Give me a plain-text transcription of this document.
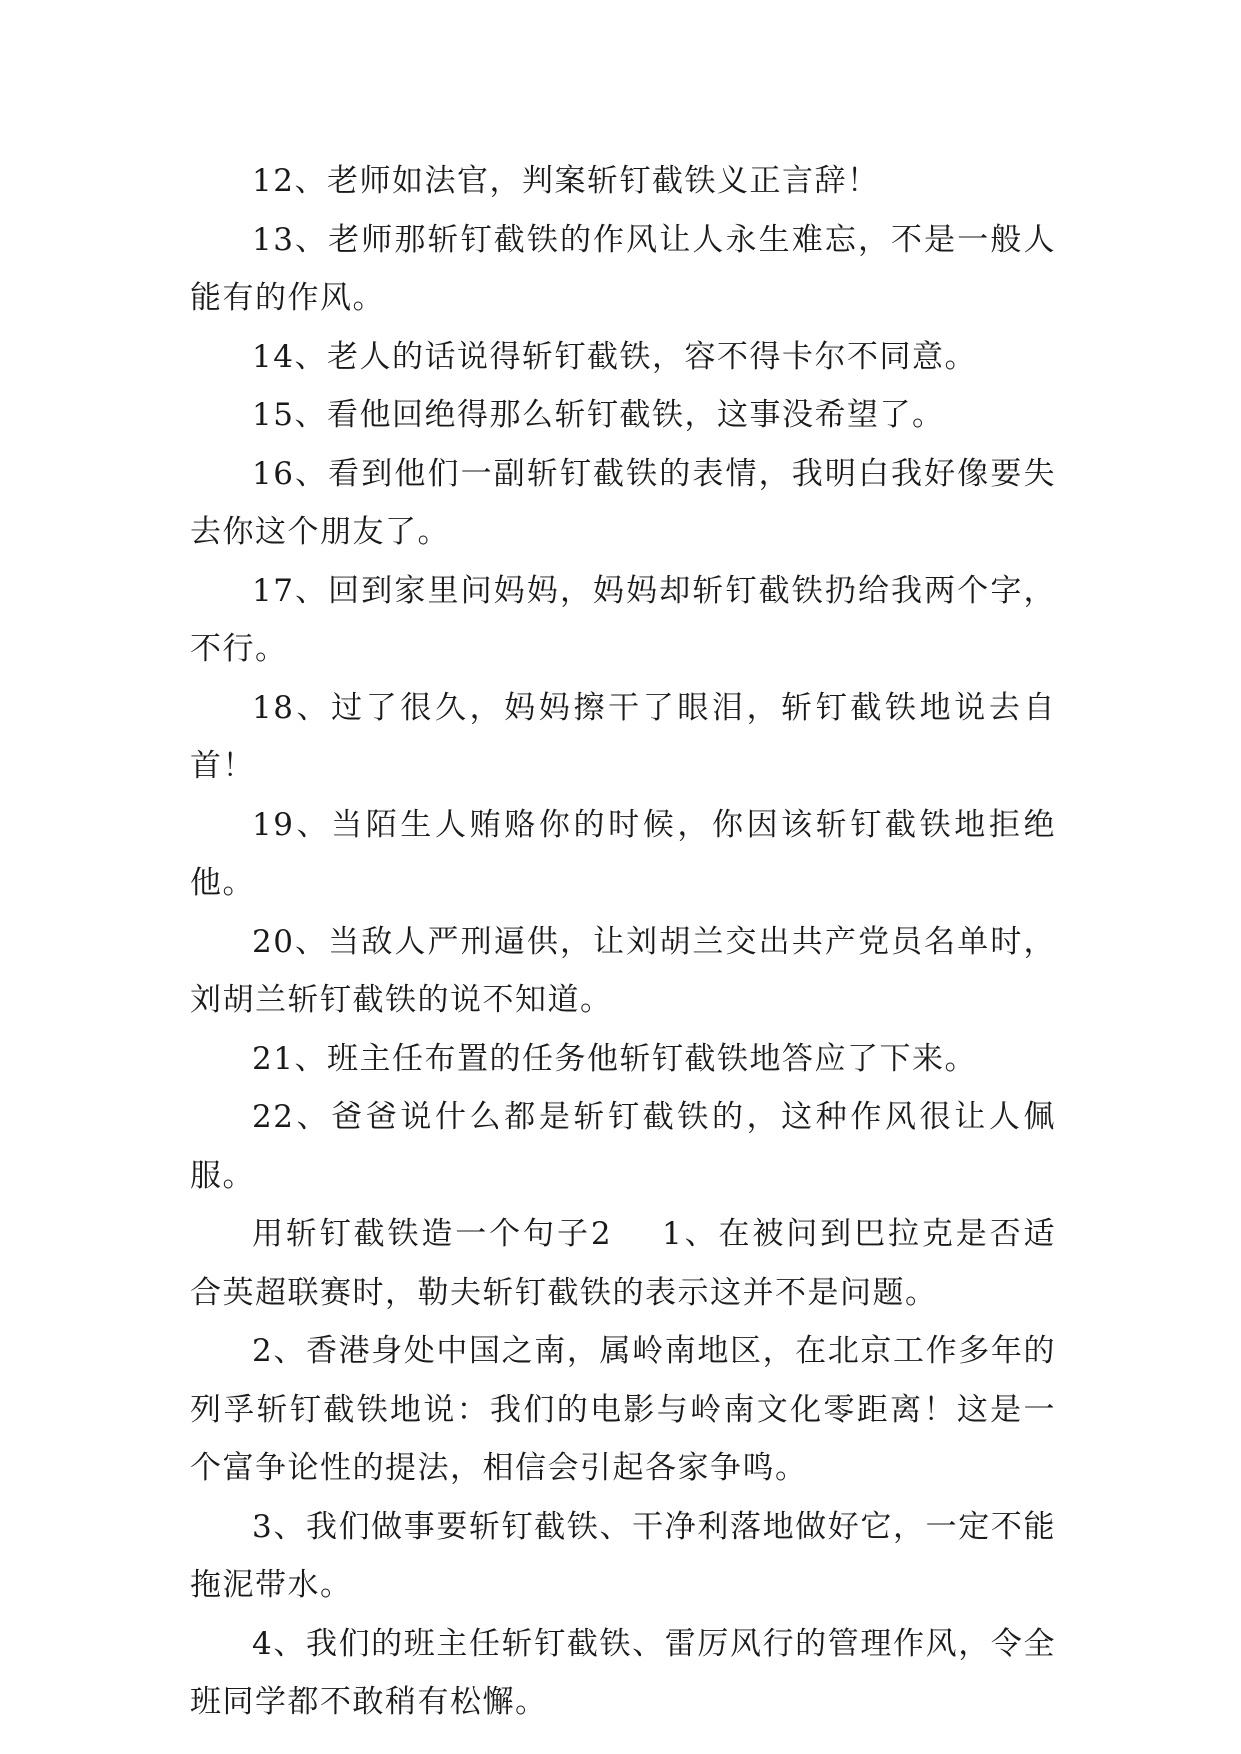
12、老师如法官，判案斩钉截铁义正言辞！

13、老师那斩钉截铁的作风让人永生难忘，不是一般人能有的作风。

14、老人的话说得斩钉截铁，容不得卡尔不同意。

15、看他回绝得那么斩钉截铁，这事没希望了。

16、看到他们一副斩钉截铁的表情，我明白我好像要失去你这个朋友了。

17、回到家里问妈妈，妈妈却斩钉截铁扔给我两个字，不行。

18、过了很久，妈妈擦干了眼泪，斩钉截铁地说去自首！

19、当陌生人贿赂你的时候，你因该斩钉截铁地拒绝他。

20、当敌人严刑逼供，让刘胡兰交出共产党员名单时，刘胡兰斩钉截铁的说不知道。

21、班主任布置的任务他斩钉截铁地答应了下来。

22、爸爸说什么都是斩钉截铁的，这种作风很让人佩服。

用斩钉截铁造一个句子2 1、在被问到巴拉克是否适合英超联赛时，勒夫斩钉截铁的表示这并不是问题。

2、香港身处中国之南，属岭南地区，在北京工作多年的列孚斩钉截铁地说：我们的电影与岭南文化零距离！这是一个富争论性的提法，相信会引起各家争鸣。

3、我们做事要斩钉截铁、干净利落地做好它，一定不能拖泥带水。

4、我们的班主任斩钉截铁、雷厉风行的管理作风，令全班同学都不敢稍有松懈。
